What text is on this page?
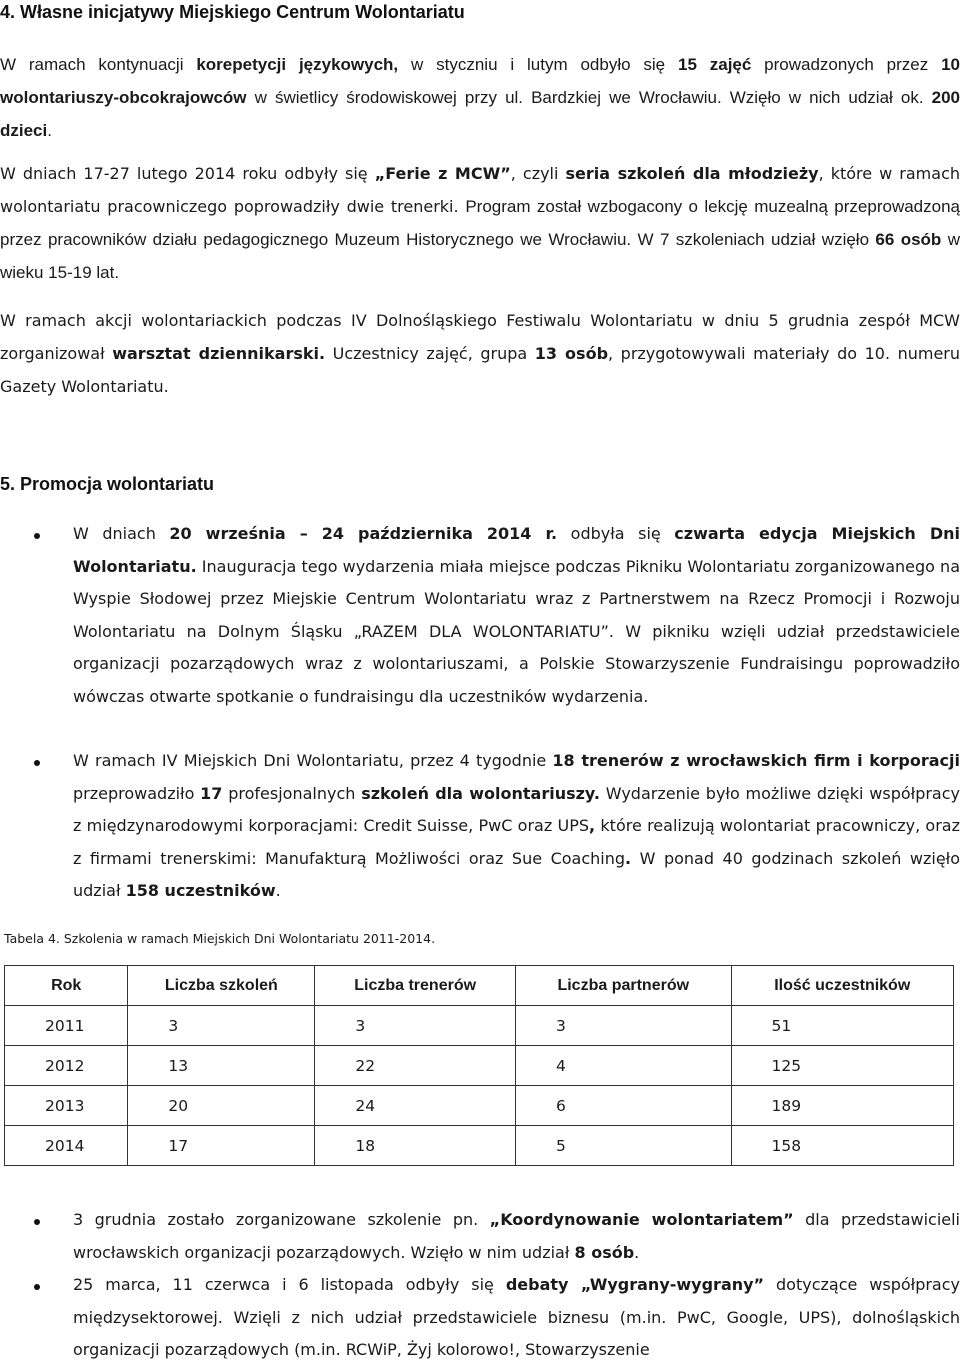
4. Własne inicjatywy Miejskiego Centrum Wolontariatu

W ramach kontynuacji korepetycji językowych, w styczniu i lutym odbyło się 15 zajęć prowadzonych przez 10 wolontariuszy-obcokrajowców w świetlicy środowiskowej przy ul. Bardzkiej we Wrocławiu. Wzięło w nich udział ok. 200 dzieci.

W dniach 17-27 lutego 2014 roku odbyły się „Ferie z MCW”, czyli seria szkoleń dla młodzieży, które w ramach wolontariatu pracowniczego poprowadziły dwie trenerki. Program został wzbogacony o lekcję muzealną przeprowadzoną przez pracowników działu pedagogicznego Muzeum Historycznego we Wrocławiu. W 7 szkoleniach udział wzięło 66 osób w wieku 15-19 lat.

W ramach akcji wolontariackich podczas IV Dolnośląskiego Festiwalu Wolontariatu w dniu 5 grudnia zespół MCW zorganizował warsztat dziennikarski. Uczestnicy zajęć, grupa 13 osób, przygotowywali materiały do 10. numeru Gazety Wolontariatu.

5. Promocja wolontariatu

W dniach 20 września – 24 października 2014 r. odbyła się czwarta edycja Miejskich Dni Wolontariatu. Inauguracja tego wydarzenia miała miejsce podczas Pikniku Wolontariatu zorganizowanego na Wyspie Słodowej przez Miejskie Centrum Wolontariatu wraz z Partnerstwem na Rzecz Promocji i Rozwoju Wolontariatu na Dolnym Śląsku „RAZEM DLA WOLONTARIATU”. W pikniku wzięli udział przedstawiciele organizacji pozarządowych wraz z wolontariuszami, a Polskie Stowarzyszenie Fundraisingu poprowadziło wówczas otwarte spotkanie o fundraisingu dla uczestników wydarzenia.

W ramach IV Miejskich Dni Wolontariatu, przez 4 tygodnie 18 trenerów z wrocławskich firm i korporacji przeprowadziło 17 profesjonalnych szkoleń dla wolontariuszy. Wydarzenie było możliwe dzięki współpracy z międzynarodowymi korporacjami: Credit Suisse, PwC oraz UPS, które realizują wolontariat pracowniczy, oraz z firmami trenerskimi: Manufakturą Możliwości oraz Sue Coaching. W ponad 40 godzinach szkoleń wzięło udział 158 uczestników.

Tabela 4. Szkolenia w ramach Miejskich Dni Wolontariatu 2011-2014.

Rok	Liczba szkoleń	Liczba trenerów	Liczba partnerów	Ilość uczestników
2011	3	3	3	51
2012	13	22	4	125
2013	20	24	6	189
2014	17	18	5	158

3 grudnia zostało zorganizowane szkolenie pn. „Koordynowanie wolontariatem” dla przedstawicieli wrocławskich organizacji pozarządowych. Wzięło w nim udział 8 osób.

25 marca, 11 czerwca i 6 listopada odbyły się debaty „Wygrany-wygrany” dotyczące współpracy międzysektorowej. Wzięli z nich udział przedstawiciele biznesu (m.in. PwC, Google, UPS), dolnośląskich organizacji pozarządowych (m.in. RCWiP, Żyj kolorowo!, Stowarzyszenie
